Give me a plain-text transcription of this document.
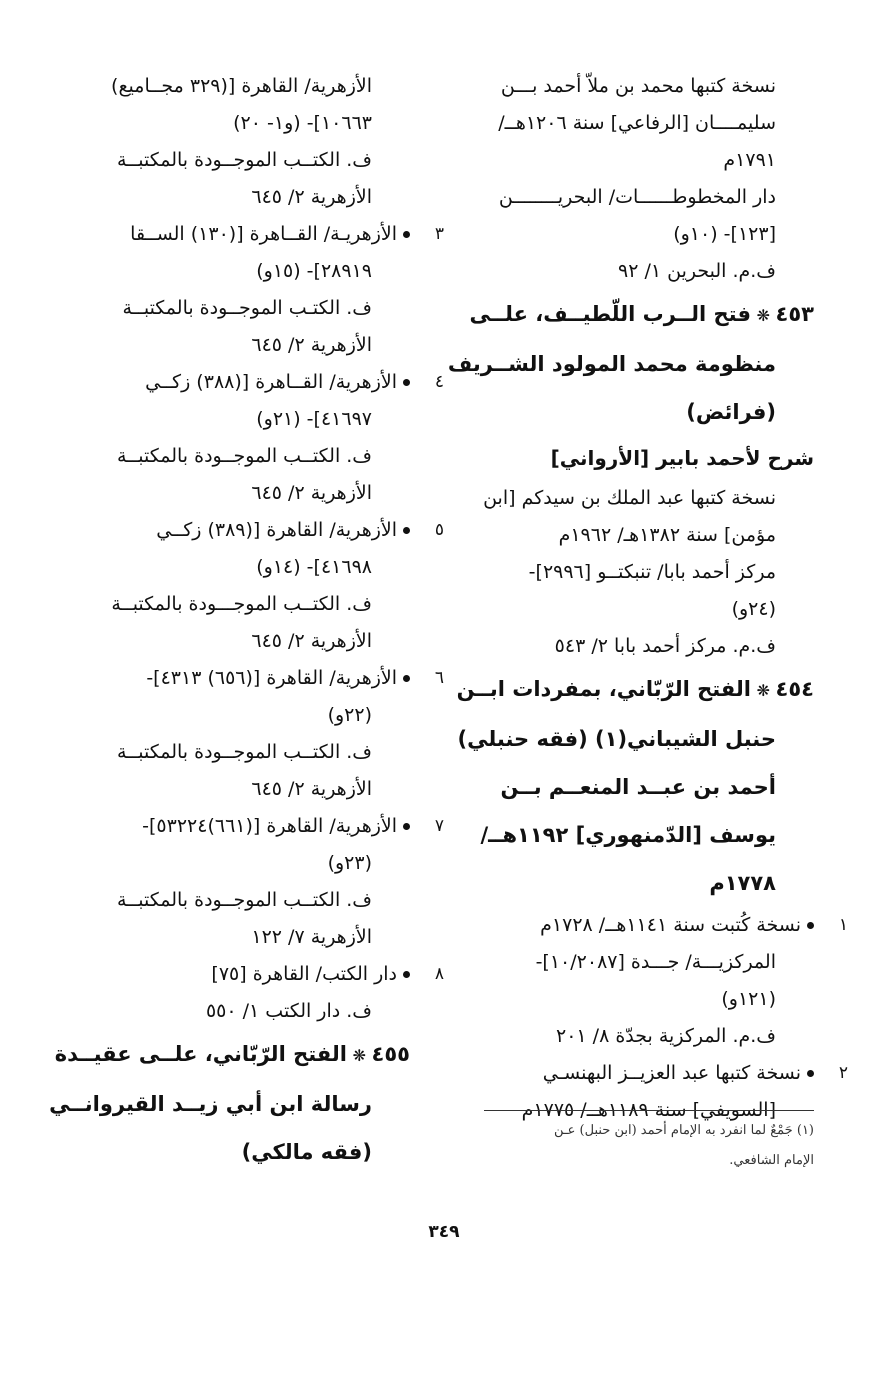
نسخة كتبها محمد بن ملاّ أحمد بـــن
سليمــــان [الرفاعي] سنة ١٢٠٦هــ/
١٧٩١م
دار المخطوطــــــات/ البحريــــــــن
[١٢٣]- (١٠و)
ف.م. البحرين ١/ ٩٢
٤٥٣ ❋ فتح الــرب اللّطيــف، علــى
منظومة محمد المولود الشــريف
(فرائض)
شرح لأحمد بابير [الأرواني]
نسخة كتبها عبد الملك بن سيدكم [ابن
مؤمن] سنة ١٣٨٢هـ/ ١٩٦٢م
مركز أحمد بابا/ تنبكتــو [٢٩٩٦]-
(٢٤و)
ف.م. مركز أحمد بابا ٢/ ٥٤٣
٤٥٤ ❋ الفتح الرّبّاني، بمفردات ابــن
حنبل الشيباني(١) (فقه حنبلي)
أحمد بن عبــد المنعــم بــن
يوسف [الدّمنهوري] ١١٩٢هــ/
١٧٧٨م
١
نسخة كُتبت سنة ١١٤١هــ/ ١٧٢٨م
المركزيـــة/ جـــدة [١٠/٢٠٨٧]-
(١٢١و)
ف.م. المركزية بجدّة ٨/ ٢٠١
٢
نسخة كتبها عبد العزيــز البهنسـي
[السويفي] سنة ١١٨٩هــ/ ١٧٧٥م
الأزهرية/ القاهرة [(٣٢٩ مجــاميع)
١٠٦٦٣]- (و١- ٢٠)
ف. الكتــب الموجــودة بالمكتبــة
الأزهرية ٢/ ٦٤٥
٣
الأزهريـة/ القــاهرة [(١٣٠) الســقا
٢٨٩١٩]- (١٥و)
ف. الكتـب الموجــودة بالمكتبــة
الأزهرية ٢/ ٦٤٥
٤
الأزهرية/ القــاهرة [(٣٨٨) زكــي
٤١٦٩٧]- (٢١و)
ف. الكتــب الموجــودة بالمكتبــة
الأزهرية ٢/ ٦٤٥
٥
الأزهرية/ القاهرة [(٣٨٩) زكــي
٤١٦٩٨]- (١٤و)
ف. الكتــب الموجـــودة بالمكتبــة
الأزهرية ٢/ ٦٤٥
٦
الأزهرية/ القاهرة [(٦٥٦) ٤٣١٣]-
(٢٢و)
ف. الكتــب الموجــودة بالمكتبــة
الأزهرية ٢/ ٦٤٥
٧
الأزهرية/ القاهرة [(٦٦١)٥٣٢٢٤]-
(٢٣و)
ف. الكتــب الموجــودة بالمكتبــة
الأزهرية ٧/ ١٢٢
٨
دار الكتب/ القاهرة [٧٥]
ف. دار الكتب ١/ ٥٥٠
٤٥٥ ❋ الفتح الرّبّاني، علــى عقيــدة
رسالة ابن أبي زيــد القيروانــي
(فقه مالكي)
(١) جَمْعٌ لما انفرد به الإمام أحمد (ابن حنبل) عـن
الإمام الشافعي.
٣٤٩
